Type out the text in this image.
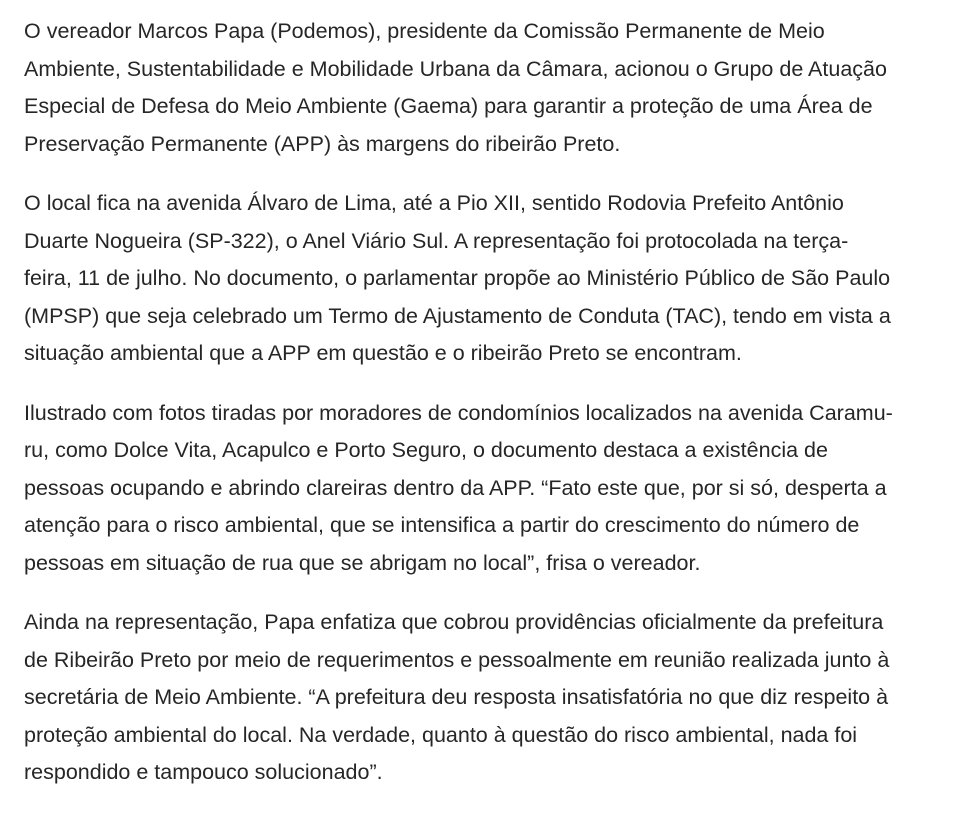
O vereador Marcos Papa (Podemos), presidente da Comissão Permanente de Meio
Ambiente, Sustentabilidade e Mobilidade Urbana da Câmara, acionou o Grupo de Atuação
Especial de Defesa do Meio Ambiente (Gaema) para garantir a proteção de uma Área de
Preservação Permanente (APP) às margens do ribeirão Preto.

O local fica na avenida Álvaro de Lima, até a Pio XII, sentido Rodovia Prefeito Antônio
Duarte Nogueira (SP-322), o Anel Viário Sul. A representação foi protocolada na terça-
feira, 11 de julho. No documento, o parlamentar propõe ao Ministério Público de São Paulo
(MPSP) que seja celebrado um Termo de Ajustamento de Conduta (TAC), tendo em vista a
situação ambiental que a APP em questão e o ribeirão Preto se encontram.

Ilustrado com fotos tiradas por moradores de condomínios localizados na avenida Caramu-
ru, como Dolce Vita, Acapulco e Porto Seguro, o documento destaca a existência de
pessoas ocupando e abrindo clareiras dentro da APP. “Fato este que, por si só, desperta a
atenção para o risco ambiental, que se intensifica a partir do crescimento do número de
pessoas em situação de rua que se abrigam no local”, frisa o vereador.

Ainda na representação, Papa enfatiza que cobrou providências oficialmente da prefeitura
de Ribeirão Preto por meio de requerimentos e pessoalmente em reunião realizada junto à
secretária de Meio Ambiente. “A prefeitura deu resposta insatisfatória no que diz respeito à
proteção ambiental do local. Na verdade, quanto à questão do risco ambiental, nada foi
respondido e tampouco solucionado”.
